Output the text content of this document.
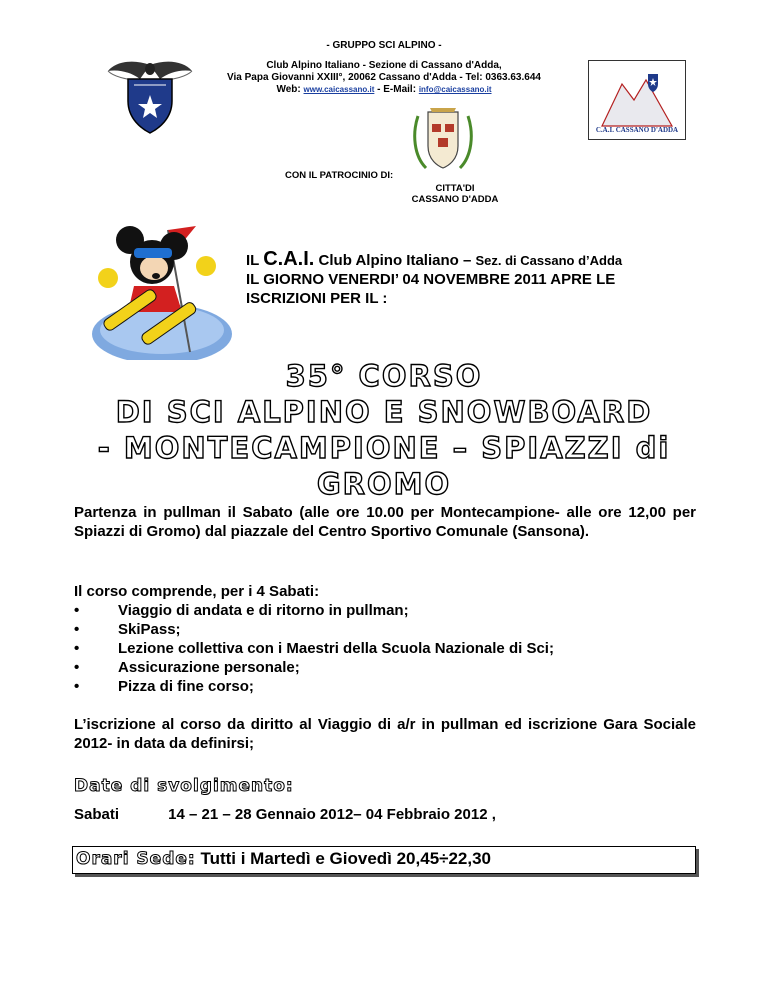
- GRUPPO SCI ALPINO -
Club Alpino Italiano - Sezione di Cassano d'Adda,
Via Papa Giovanni XXIII°, 20062 Cassano d'Adda - Tel: 0363.63.644
Web: www.caicassano.it - E-Mail: info@caicassano.it
C.A.I. CASSANO D'ADDA
CON IL PATROCINIO DI:
CITTA'DI
CASSANO D'ADDA
IL C.A.I. Club Alpino Italiano – Sez. di Cassano d’Adda
IL GIORNO VENERDI’ 04 NOVEMBRE 2011 APRE LE
ISCRIZIONI PER IL :
35° CORSO
DI SCI ALPINO E SNOWBOARD
- MONTECAMPIONE – SPIAZZI di
GROMO
Partenza in pullman il Sabato (alle ore 10.00 per Montecampione- alle ore 12,00 per Spiazzi di Gromo) dal piazzale del Centro Sportivo Comunale (Sansona).
Il corso comprende, per i 4 Sabati:
•	Viaggio di andata e di ritorno in pullman;
•	SkiPass;
•	Lezione collettiva con i Maestri della Scuola Nazionale di Sci;
•	Assicurazione personale;
•	Pizza di fine corso;
L’iscrizione al corso da diritto al Viaggio di a/r in pullman ed iscrizione Gara Sociale 2012- in data da definirsi;
Date di svolgimento:
Sabati	14 – 21 – 28 Gennaio 2012– 04 Febbraio 2012 ,
Orari Sede: Tutti i Martedì e Giovedì 20,45÷22,30
